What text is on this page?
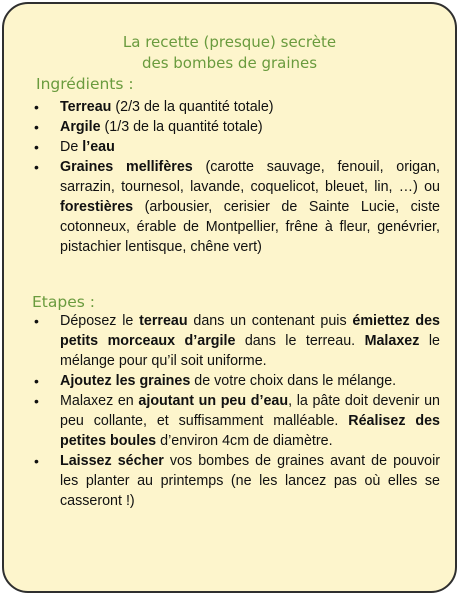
La recette (presque) secrète
des bombes de graines
Ingrédients :
• Terreau (2/3 de la quantité totale)
• Argile (1/3 de la quantité totale)
• De l’eau
• Graines mellifères (carotte sauvage, fenouil, origan, sarrazin, tournesol, lavande, coquelicot, bleuet, lin, …) ou forestières (arbousier, cerisier de Sainte Lucie, ciste cotonneux, érable de Montpellier, frêne à fleur, genévrier, pistachier lentisque, chêne vert)
Etapes :
• Déposez le terreau dans un contenant puis émiettez des petits morceaux d’argile dans le terreau. Malaxez le mélange pour qu’il soit uniforme.
• Ajoutez les graines de votre choix dans le mélange.
• Malaxez en ajoutant un peu d’eau, la pâte doit devenir un peu collante, et suffisamment malléable. Réalisez des petites boules d’environ 4cm de diamètre.
• Laissez sécher vos bombes de graines avant de pouvoir les planter au printemps (ne les lancez pas où elles se casseront !)
